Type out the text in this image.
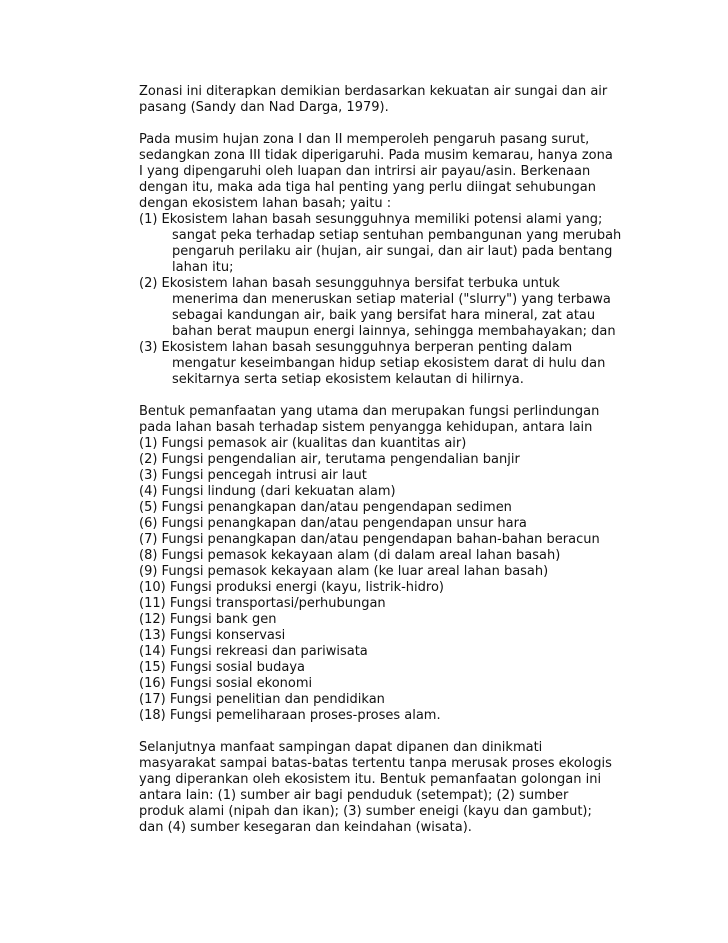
Zonasi ini diterapkan demikian berdasarkan kekuatan air sungai dan air
pasang (Sandy dan Nad Darga, 1979).

Pada musim hujan zona I dan II memperoleh pengaruh pasang surut,
sedangkan zona III tidak diperigaruhi. Pada musim kemarau, hanya zona
I yang dipengaruhi oleh luapan dan intrirsi air payau/asin. Berkenaan
dengan itu, maka ada tiga hal penting yang perlu diingat sehubungan
dengan ekosistem lahan basah; yaitu :
(1) Ekosistem lahan basah sesungguhnya memiliki potensi alami yang;
sangat peka terhadap setiap sentuhan pembangunan yang merubah
pengaruh perilaku air (hujan, air sungai, dan air laut) pada bentang
lahan itu;
(2) Ekosistem lahan basah sesungguhnya bersifat terbuka untuk
menerima dan meneruskan setiap material ("slurry") yang terbawa
sebagai kandungan air, baik yang bersifat hara mineral, zat atau
bahan berat maupun energi lainnya, sehingga membahayakan; dan
(3) Ekosistem lahan basah sesungguhnya berperan penting dalam
mengatur keseimbangan hidup setiap ekosistem darat di hulu dan
sekitarnya serta setiap ekosistem kelautan di hilirnya.
Bentuk pemanfaatan yang utama dan merupakan fungsi perlindungan
pada lahan basah terhadap sistem penyangga kehidupan, antara lain
(1) Fungsi pemasok air (kualitas dan kuantitas air)
(2) Fungsi pengendalian air, terutama pengendalian banjir
(3) Fungsi pencegah intrusi air laut
(4) Fungsi lindung (dari kekuatan alam)
(5) Fungsi penangkapan dan/atau pengendapan sedimen
(6) Fungsi penangkapan dan/atau pengendapan unsur hara
(7) Fungsi penangkapan dan/atau pengendapan bahan-bahan beracun
(8) Fungsi pemasok kekayaan alam (di dalam areal lahan basah)
(9) Fungsi pemasok kekayaan alam (ke luar areal lahan basah)
(10) Fungsi produksi energi (kayu, listrik-hidro)
(11) Fungsi transportasi/perhubungan
(12) Fungsi bank gen
(13) Fungsi konservasi
(14) Fungsi rekreasi dan pariwisata
(15) Fungsi sosial budaya
(16) Fungsi sosial ekonomi
(17) Fungsi penelitian dan pendidikan
(18) Fungsi pemeliharaan proses-proses alam.

Selanjutnya manfaat sampingan dapat dipanen dan dinikmati
masyarakat sampai batas-batas tertentu tanpa merusak proses ekologis
yang diperankan oleh ekosistem itu. Bentuk pemanfaatan golongan ini
antara lain: (1) sumber air bagi penduduk (setempat); (2) sumber
produk alami (nipah dan ikan); (3) sumber eneigi (kayu dan gambut);
dan (4) sumber kesegaran dan keindahan (wisata).
